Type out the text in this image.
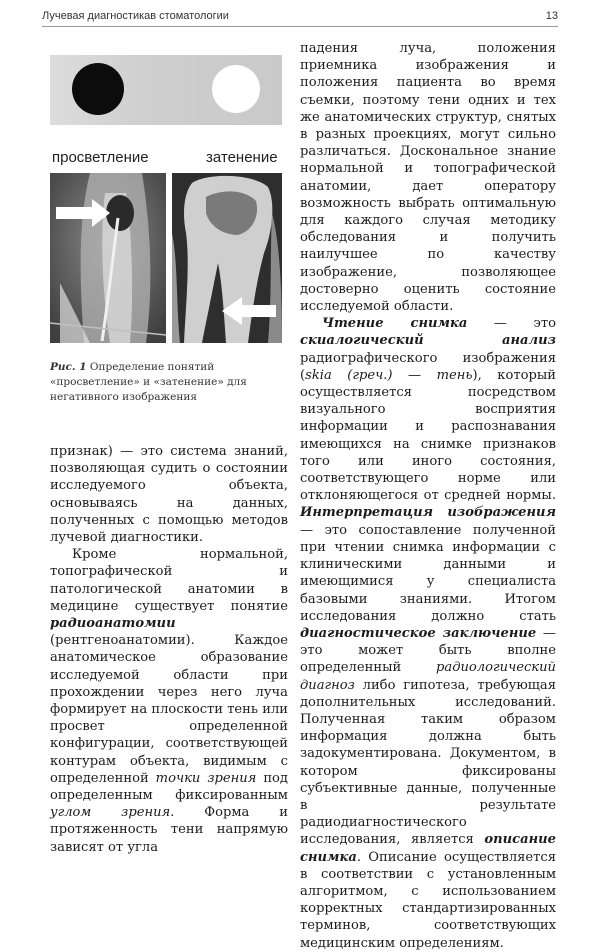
Лучевая диагностикав стоматологии	13
просветление	затенение
Рис. 1 Определение понятий «просветление» и «затенение» для негативного изображения

признак) — это система знаний, позволяющая судить о состоянии исследуемого объекта, основываясь на данных, полученных с помощью методов лучевой диагностики.

Кроме нормальной, топографической и патологической анатомии в медицине существует понятие радиоанатомии (рентгеноанатомии). Каждое анатомическое образование исследуемой области при прохождении через него луча формирует на плоскости тень или просвет определенной конфигурации, соответствующей контурам объекта, видимым с определенной точки зрения под определенным фиксированным углом зрения. Форма и протяженность тени напрямую зависят от угла

падения луча, положения приемника изображения и положения пациента во время съемки, поэтому тени одних и тех же анатомических структур, снятых в разных проекциях, могут сильно различаться. Доскональное знание нормальной и топографической анатомии, дает оператору возможность выбрать оптимальную для каждого случая методику обследования и получить наилучшее по качеству изображение, позволяющее достоверно оценить состояние исследуемой области.

Чтение снимка — это скиалогический анализ радиографического изображения (skia (греч.) — тень), который осуществляется посредством визуального восприятия информации и распознавания имеющихся на снимке признаков того или иного состояния, соответствующего норме или отклоняющегося от средней нормы. Интерпретация изображения — это сопоставление полученной при чтении снимка информации с клиническими данными и имеющимися у специалиста базовыми знаниями. Итогом исследования должно стать диагностическое заключение — это может быть вполне определенный радиологический диагноз либо гипотеза, требующая дополнительных исследований. Полученная таким образом информация должна быть задокументирована. Документом, в котором фиксированы субъективные данные, полученные в результате радиодиагностического исследования, является описание снимка. Описание осуществляется в соответствии с установленным алгоритмом, с использованием корректных стандартизированных терминов, соответствующих медицинским определениям.
